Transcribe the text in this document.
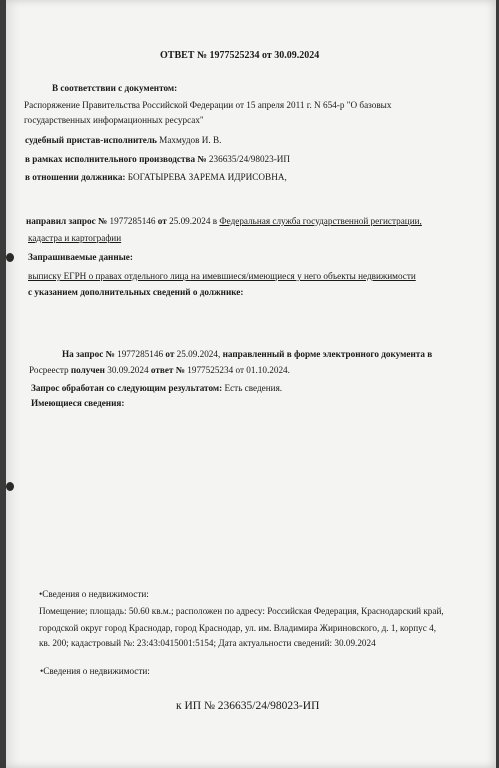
ОТВЕТ № 1977525234 от 30.09.2024
В соответствии с документом:
Распоряжение Правительства Российской Федерации от 15 апреля 2011 г. N 654-р "О базовых
государственных информационных ресурсах"
судебный пристав-исполнитель Махмудов И. В.
в рамках исполнительного производства № 236635/24/98023-ИП
в отношении должника: БОГАТЫРЕВА ЗАРЕМА ИДРИСОВНА,
направил запрос № 1977285146 от 25.09.2024 в Федеральная служба государственной регистрации,
кадастра и картографии
Запрашиваемые данные:
выписку ЕГРН о правах отдельного лица на имевшиеся/имеющиеся у него объекты недвижимости
с указанием дополнительных сведений о должнике:
На запрос № 1977285146 от 25.09.2024, направленный в форме электронного документа в
Росреестр получен 30.09.2024 ответ № 1977525234 от 01.10.2024.
Запрос обработан со следующим результатом: Есть сведения.
Имеющиеся сведения:
•Сведения о недвижимости:
Помещение; площадь: 50.60 кв.м.; расположен по адресу: Российская Федерация, Краснодарский край,
городской округ город Краснодар, город Краснодар, ул. им. Владимира Жириновского, д. 1, корпус 4,
кв. 200; кадастровый №: 23:43:0415001:5154; Дата актуальности сведений: 30.09.2024
•Сведения о недвижимости:
к ИП № 236635/24/98023-ИП
